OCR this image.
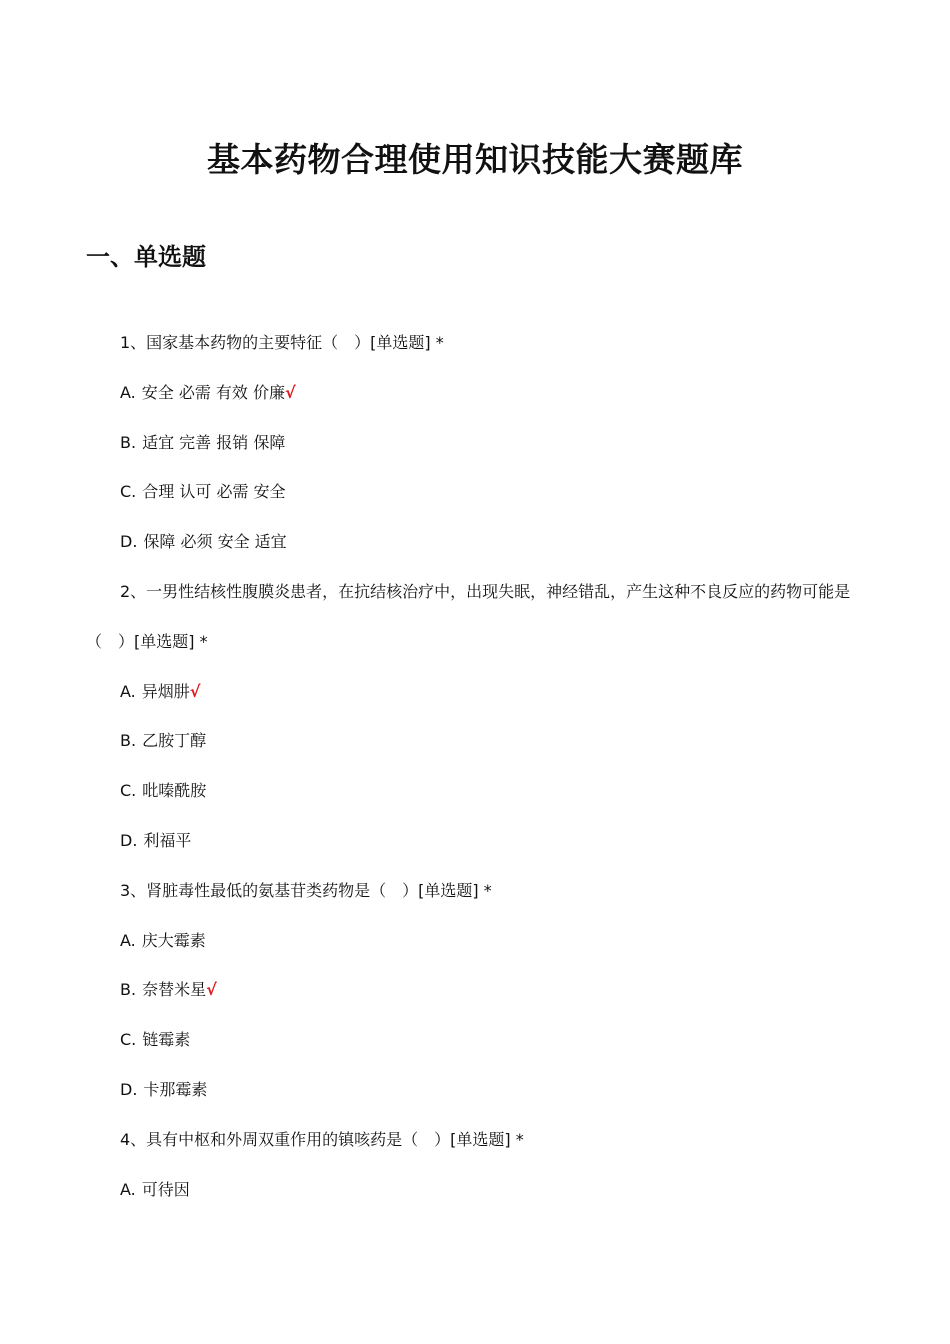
基本药物合理使用知识技能大赛题库
一、单选题
1、国家基本药物的主要特征（　）[单选题] *
A. 安全 必需 有效 价廉√
B. 适宜 完善 报销 保障
C. 合理 认可 必需 安全
D. 保障 必须 安全 适宜
2、一男性结核性腹膜炎患者，在抗结核治疗中，出现失眠，神经错乱，产生这种不良反应的药物可能是（　）[单选题] *
A. 异烟肼√
B. 乙胺丁醇
C. 吡嗪酰胺
D. 利福平
3、肾脏毒性最低的氨基苷类药物是（　）[单选题] *
A. 庆大霉素
B. 奈替米星√
C. 链霉素
D. 卡那霉素
4、具有中枢和外周双重作用的镇咳药是（　）[单选题] *
A. 可待因
